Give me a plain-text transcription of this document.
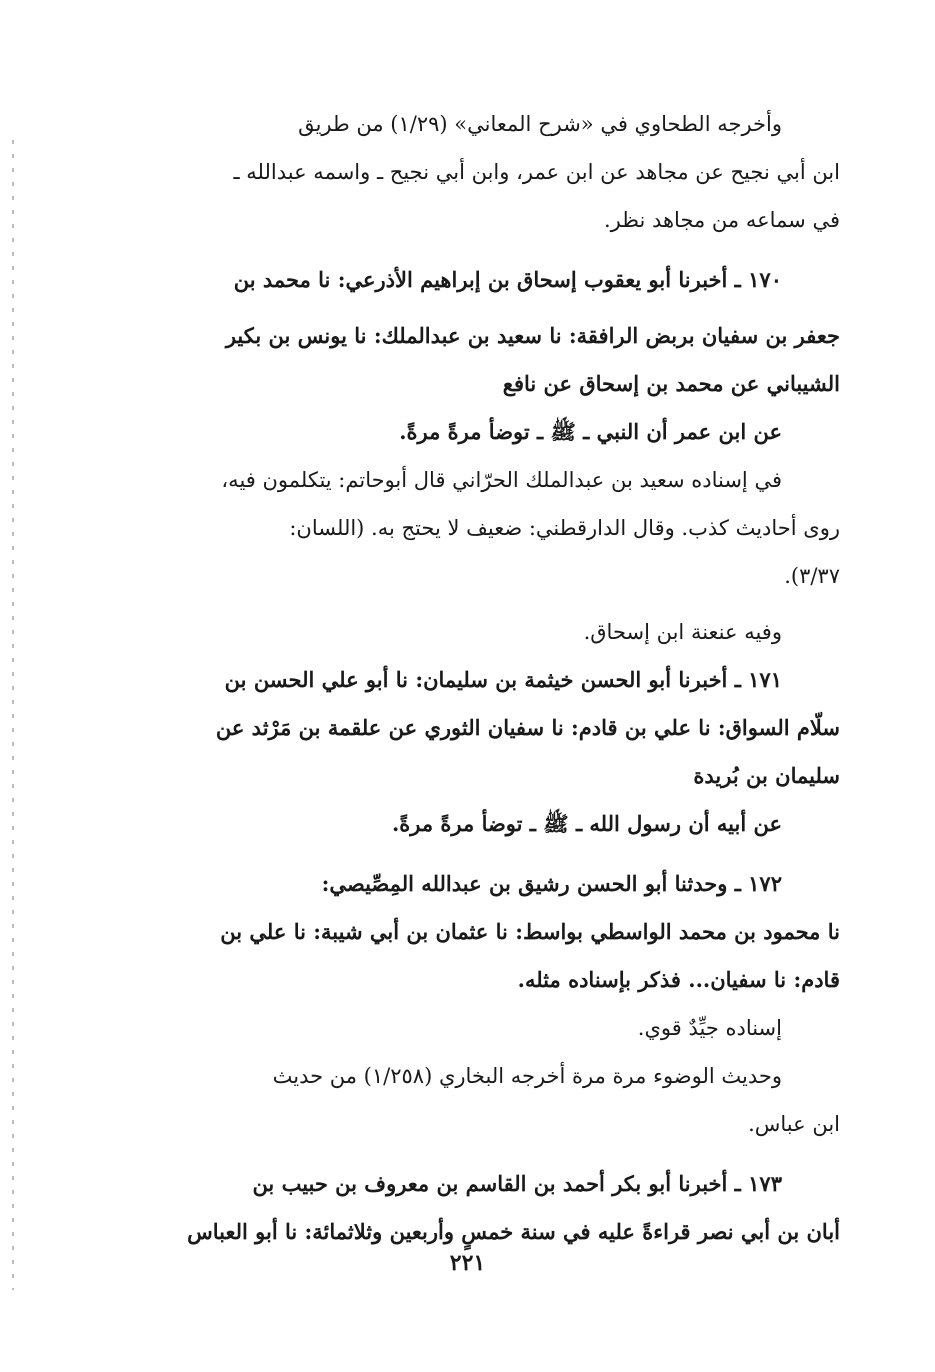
وأخرجه الطحاوي في «شرح المعاني» (١/٢٩) من طريق
ابن أبي نجيح عن مجاهد عن ابن عمر، وابن أبي نجيح ـ واسمه عبدالله ـ
في سماعه من مجاهد نظر.
١٧٠ ـ أخبرنا أبو يعقوب إسحاق بن إبراهيم الأذرعي: نا محمد بن
جعفر بن سفيان بربض الرافقة: نا سعيد بن عبدالملك: نا يونس بن بكير
الشيباني عن محمد بن إسحاق عن نافع
عن ابن عمر أن النبي ـ ﷺ ـ توضأ مرةً مرةً.
في إسناده سعيد بن عبدالملك الحرّاني قال أبوحاتم: يتكلمون فيه،
روى أحاديث كذب. وقال الدارقطني: ضعيف لا يحتج به. (اللسان:
٣/٣٧).
وفيه عنعنة ابن إسحاق.
١٧١ ـ أخبرنا أبو الحسن خيثمة بن سليمان: نا أبو علي الحسن بن
سلّام السواق: نا علي بن قادم: نا سفيان الثوري عن علقمة بن مَرْثد عن
سليمان بن بُريدة
عن أبيه أن رسول الله ـ ﷺ ـ توضأ مرةً مرةً.
١٧٢ ـ وحدثنا أبو الحسن رشيق بن عبدالله المِصِّيصي:
نا محمود بن محمد الواسطي بواسط: نا عثمان بن أبي شيبة: نا علي بن
قادم: نا سفيان... فذكر بإسناده مثله.
إسناده جيِّدٌ قوي.
وحديث الوضوء مرة مرة أخرجه البخاري (١/٢٥٨) من حديث
ابن عباس.
١٧٣ ـ أخبرنا أبو بكر أحمد بن القاسم بن معروف بن حبيب بن
أبان بن أبي نصر قراءةً عليه في سنة خمسٍ وأربعين وثلاثمائة: نا أبو العباس
٢٢١
